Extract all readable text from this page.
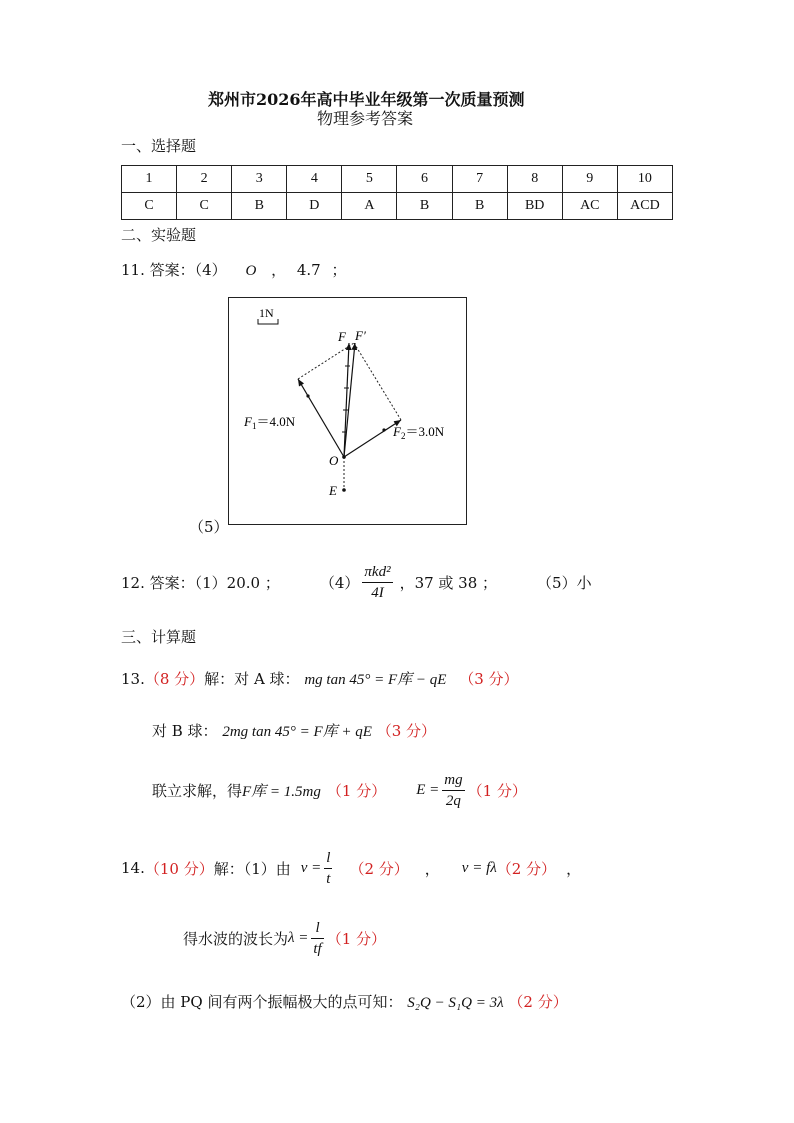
郑州市2026年高中毕业年级第一次质量预测
物理参考答案
一、选择题
1	2	3	4	5	6	7	8	9	10
C	C	B	D	A	B	B	BD	AC	ACD
二、实验题
11. 答案：（4） O ， 4.7 ；
1N
F F′
$F_1=4.0N$
$F_2=3.0N$
O
E
（5）
12. 答案：（1）20.0 ；	$(4) \frac{\text{πkd²}}{4I}$ ，37 或 38 ；	（5）小
三、计算题
13.（8 分）解：对 A 球： mg tan 45° = F库 − qE （3 分）
对 B 球： 2mg tan 45° = F库 + qE （3 分）
联立求解，得 F库 = 1.5mg （1 分） $E = \frac{mg}{2q} (1$ 分）
14. （10 分） 解：（1）由 $v = \frac{l}{t} (2$ 分） ， v = fλ （2 分） ，
得水波的波长为 $\lambda = \frac{l}{tf} (1$ 分）
（2）由 PQ 间有两个振幅极大的点可知： S₂Q − S₁Q = 3λ （2 分）
